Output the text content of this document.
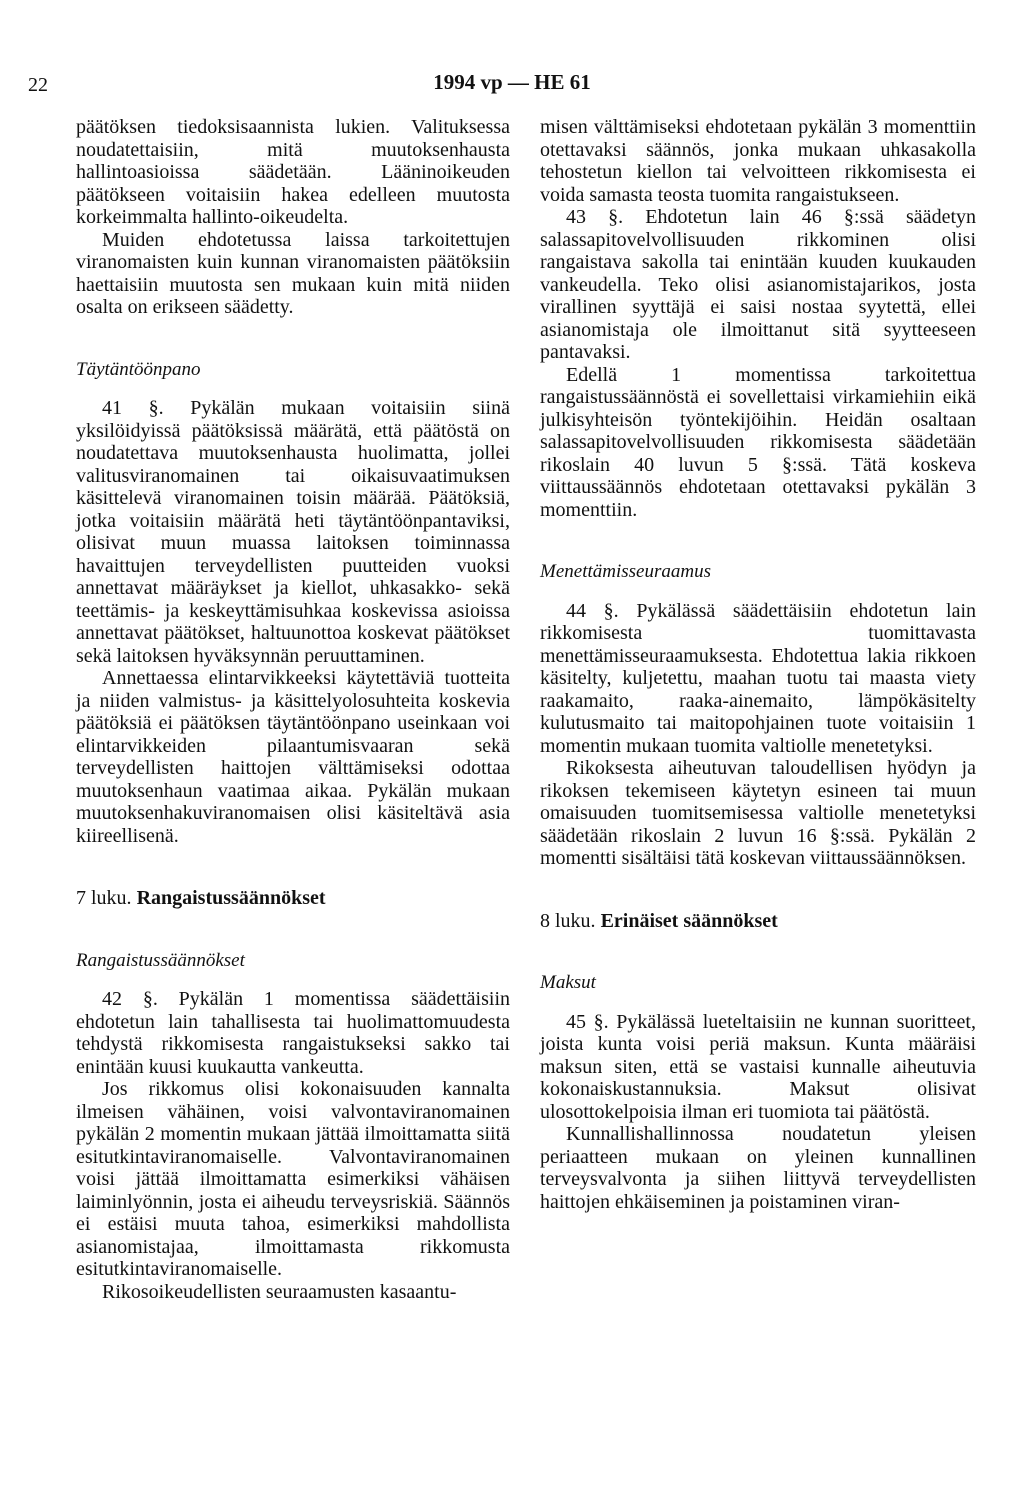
22	1994 vp — HE 61

päätöksen tiedoksisaannista lukien. Valituksessa noudatettaisiin, mitä muutoksenhausta hallintoasioissa säädetään. Lääninoikeuden päätökseen voitaisiin hakea edelleen muutosta korkeimmalta hallinto-oikeudelta.

Muiden ehdotetussa laissa tarkoitettujen viranomaisten kuin kunnan viranomaisten päätöksiin haettaisiin muutosta sen mukaan kuin mitä niiden osalta on erikseen säädetty.

Täytäntöönpano

41 §. Pykälän mukaan voitaisiin siinä yksilöidyissä päätöksissä määrätä, että päätöstä on noudatettava muutoksenhausta huolimatta, jollei valitusviranomainen tai oikaisuvaatimuksen käsittelevä viranomainen toisin määrää. Päätöksiä, jotka voitaisiin määrätä heti täytäntöönpantaviksi, olisivat muun muassa laitoksen toiminnassa havaittujen terveydellisten puutteiden vuoksi annettavat määräykset ja kiellot, uhkasakko- sekä teettämis- ja keskeyttämisuhkaa koskevissa asioissa annettavat päätökset, haltuunottoa koskevat päätökset sekä laitoksen hyväksynnän peruuttaminen.

Annettaessa elintarvikkeeksi käytettäviä tuotteita ja niiden valmistus- ja käsittelyolosuhteita koskevia päätöksiä ei päätöksen täytäntöönpano useinkaan voi elintarvikkeiden pilaantumisvaaran sekä terveydellisten haittojen välttämiseksi odottaa muutoksenhaun vaatimaa aikaa. Pykälän mukaan muutoksenhakuviranomaisen olisi käsiteltävä asia kiireellisenä.

7 luku. Rangaistussäännökset
Rangaistussäännökset

42 §. Pykälän 1 momentissa säädettäisiin ehdotetun lain tahallisesta tai huolimattomuudesta tehdystä rikkomisesta rangaistukseksi sakko tai enintään kuusi kuukautta vankeutta.

Jos rikkomus olisi kokonaisuuden kannalta ilmeisen vähäinen, voisi valvontaviranomainen pykälän 2 momentin mukaan jättää ilmoittamatta siitä esitutkintaviranomaiselle. Valvontaviranomainen voisi jättää ilmoittamatta esimerkiksi vähäisen laiminlyönnin, josta ei aiheudu terveysriskiä. Säännös ei estäisi muuta tahoa, esimerkiksi mahdollista asianomistajaa, ilmoittamasta rikkomusta esitutkintaviranomaiselle.

Rikosoikeudellisten seuraamusten kasaantu-

misen välttämiseksi ehdotetaan pykälän 3 momenttiin otettavaksi säännös, jonka mukaan uhkasakolla tehostetun kiellon tai velvoitteen rikkomisesta ei voida samasta teosta tuomita rangaistukseen.

43 §. Ehdotetun lain 46 §:ssä säädetyn salassapitovelvollisuuden rikkominen olisi rangaistava sakolla tai enintään kuuden kuukauden vankeudella. Teko olisi asianomistajarikos, josta virallinen syyttäjä ei saisi nostaa syytettä, ellei asianomistaja ole ilmoittanut sitä syytteeseen pantavaksi.

Edellä 1 momentissa tarkoitettua rangaistussäännöstä ei sovellettaisi virkamiehiin eikä julkisyhteisön työntekijöihin. Heidän osaltaan salassapitovelvollisuuden rikkomisesta säädetään rikoslain 40 luvun 5 §:ssä. Tätä koskeva viittaussäännös ehdotetaan otettavaksi pykälän 3 momenttiin.

Menettämisseuraamus

44 §. Pykälässä säädettäisiin ehdotetun lain rikkomisesta tuomittavasta menettämisseuraamuksesta. Ehdotettua lakia rikkoen käsitelty, kuljetettu, maahan tuotu tai maasta viety raakamaito, raaka-ainemaito, lämpökäsitelty kulutusmaito tai maitopohjainen tuote voitaisiin 1 momentin mukaan tuomita valtiolle menetetyksi.

Rikoksesta aiheutuvan taloudellisen hyödyn ja rikoksen tekemiseen käytetyn esineen tai muun omaisuuden tuomitsemisessa valtiolle menetetyksi säädetään rikoslain 2 luvun 16 §:ssä. Pykälän 2 momentti sisältäisi tätä koskevan viittaussäännöksen.

8 luku. Erinäiset säännökset
Maksut

45 §. Pykälässä lueteltaisiin ne kunnan suoritteet, joista kunta voisi periä maksun. Kunta määräisi maksun siten, että se vastaisi kunnalle aiheutuvia kokonaiskustannuksia. Maksut olisivat ulosottokelpoisia ilman eri tuomiota tai päätöstä.

Kunnallishallinnossa noudatetun yleisen periaatteen mukaan on yleinen kunnallinen terveysvalvonta ja siihen liittyvä terveydellisten haittojen ehkäiseminen ja poistaminen viran-
